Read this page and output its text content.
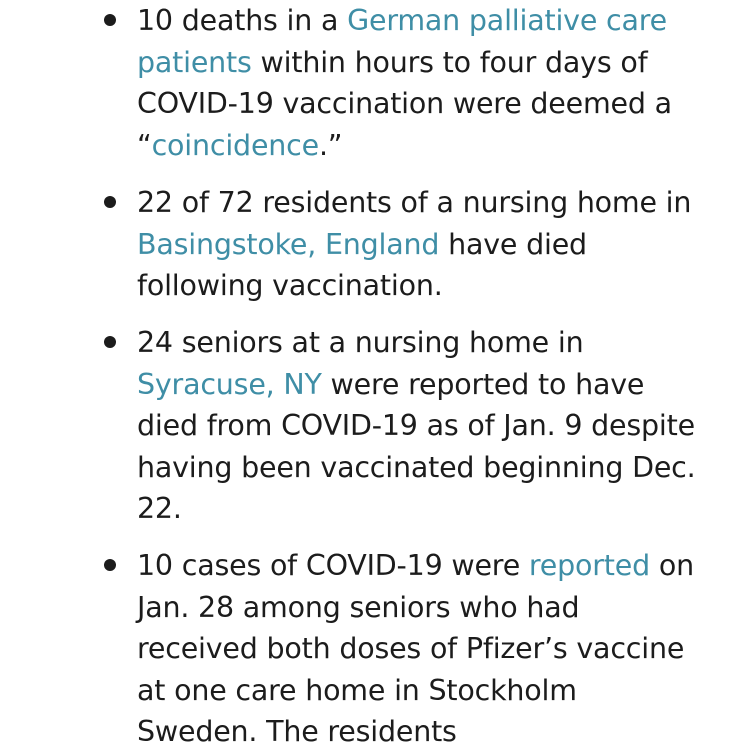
10 deaths in a German palliative care patients within hours to four days of COVID-19 vaccination were deemed a “coincidence.”
22 of 72 residents of a nursing home in Basingstoke, England have died following vaccination.
24 seniors at a nursing home in Syracuse, NY were reported to have died from COVID-19 as of Jan. 9 despite having been vaccinated beginning Dec. 22.
10 cases of COVID-19 were reported on Jan. 28 among seniors who had received both doses of Pfizer’s vaccine at one care home in Stockholm Sweden. The residents
